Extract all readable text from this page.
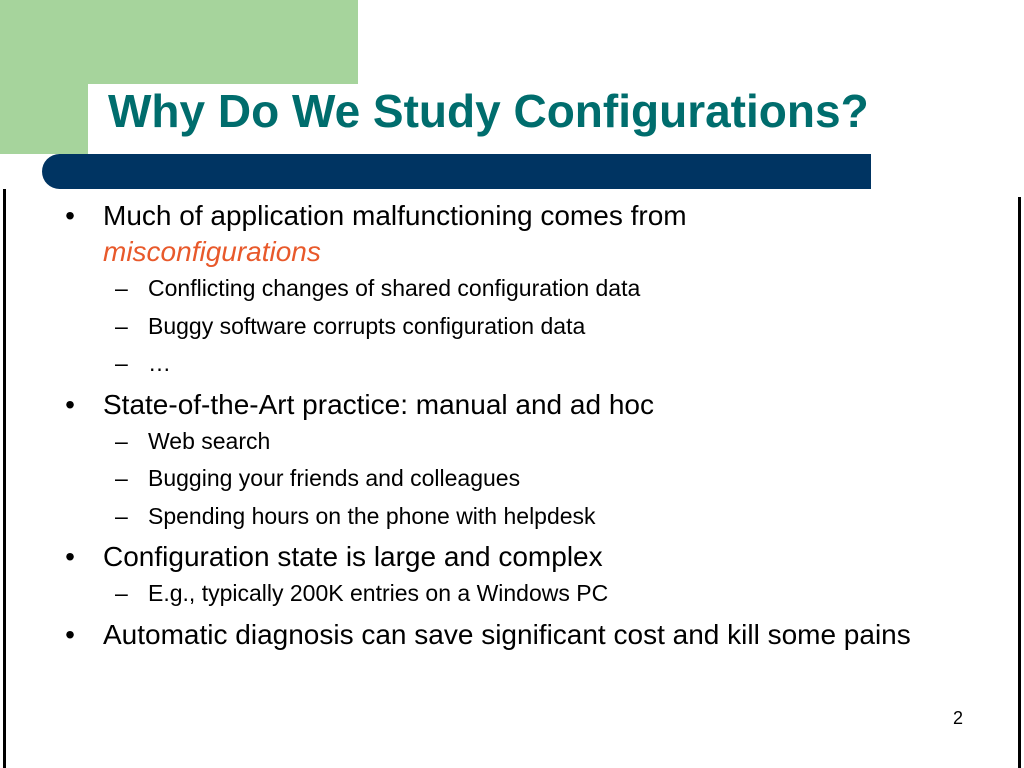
Why Do We Study Configurations?
• Much of application malfunctioning comes from
misconfigurations
– Conflicting changes of shared configuration data
– Buggy software corrupts configuration data
– …
• State-of-the-Art practice: manual and ad hoc
– Web search
– Bugging your friends and colleagues
– Spending hours on the phone with helpdesk
• Configuration state is large and complex
– E.g., typically 200K entries on a Windows PC
• Automatic diagnosis can save significant cost and kill some pains
2
